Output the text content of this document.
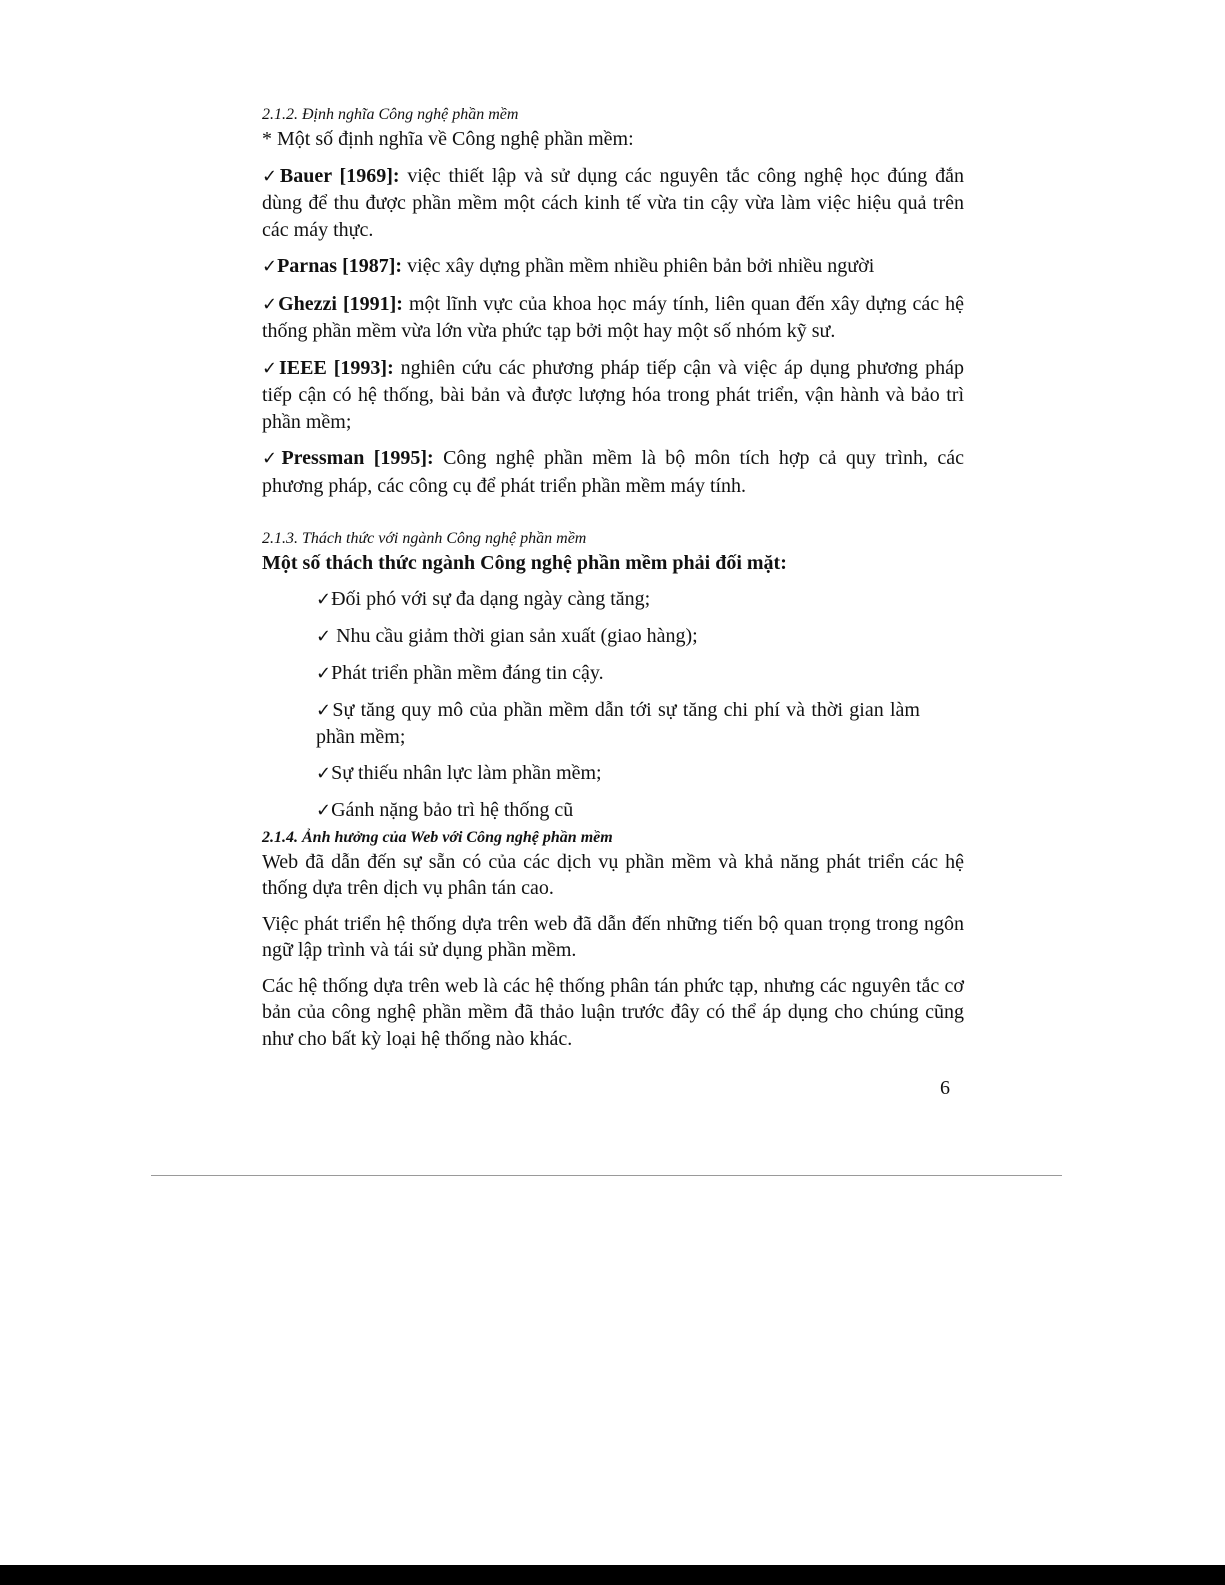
2.1.2. Định nghĩa Công nghệ phần mềm

* Một số định nghĩa về Công nghệ phần mềm:

✓Bauer [1969]: việc thiết lập và sử dụng các nguyên tắc công nghệ học đúng đắn dùng để thu được phần mềm một cách kinh tế vừa tin cậy vừa làm việc hiệu quả trên các máy thực.

✓Parnas [1987]: việc xây dựng phần mềm nhiều phiên bản bởi nhiều người

✓Ghezzi [1991]: một lĩnh vực của khoa học máy tính, liên quan đến xây dựng các hệ thống phần mềm vừa lớn vừa phức tạp bởi một hay một số nhóm kỹ sư.

✓IEEE [1993]: nghiên cứu các phương pháp tiếp cận và việc áp dụng phương pháp tiếp cận có hệ thống, bài bản và được lượng hóa trong phát triển, vận hành và bảo trì phần mềm;

✓Pressman [1995]: Công nghệ phần mềm là bộ môn tích hợp cả quy trình, các phương pháp, các công cụ để phát triển phần mềm máy tính.

2.1.3. Thách thức với ngành Công nghệ phần mềm

Một số thách thức ngành Công nghệ phần mềm phải đối mặt:

✓Đối phó với sự đa dạng ngày càng tăng;
✓ Nhu cầu giảm thời gian sản xuất (giao hàng);
✓Phát triển phần mềm đáng tin cậy.
✓Sự tăng quy mô của phần mềm dẫn tới sự tăng chi phí và thời gian làm phần mềm;
✓Sự thiếu nhân lực làm phần mềm;
✓Gánh nặng bảo trì hệ thống cũ

2.1.4. Ảnh hưởng của Web với Công nghệ phần mềm

Web đã dẫn đến sự sẵn có của các dịch vụ phần mềm và khả năng phát triển các hệ thống dựa trên dịch vụ phân tán cao.

Việc phát triển hệ thống dựa trên web đã dẫn đến những tiến bộ quan trọng trong ngôn ngữ lập trình và tái sử dụng phần mềm.

Các hệ thống dựa trên web là các hệ thống phân tán phức tạp, nhưng các nguyên tắc cơ bản của công nghệ phần mềm đã thảo luận trước đây có thể áp dụng cho chúng cũng như cho bất kỳ loại hệ thống nào khác.

6
